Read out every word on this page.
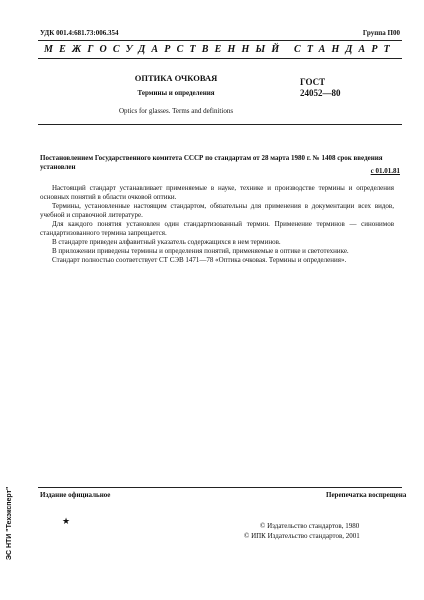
УДК 001.4:681.73:006.354	Группа П00
МЕЖГОСУДАРСТВЕННЫЙ СТАНДАРТ
ОПТИКА ОЧКОВАЯ
Термины и определения
Optics for glasses. Terms and definitions
ГОСТ
24052—80
Постановлением Государственного комитета СССР по стандартам от 28 марта 1980 г. № 1408 срок введения установлен	с 01.01.81

Настоящий стандарт устанавливает применяемые в науке, технике и производстве термины и определения основных понятий в области очковой оптики.

Термины, установленные настоящим стандартом, обязательны для применения в документации всех видов, учебной и справочной литературе.

Для каждого понятия установлен один стандартизованный термин. Применение терминов — синонимов стандартизованного термина запрещается.

В стандарте приведен алфавитный указатель содержащихся в нем терминов.

В приложении приведены термины и определения понятий, применяемые в оптике и светотехнике.

Стандарт полностью соответствует СТ СЭВ 1471—78 «Оптика очковая. Термины и определения».

ЭС НТИ "Техэксперт"	Издание официальное	Перепечатка воспрещена
★	© Издательство стандартов, 1980
© ИПК Издательство стандартов, 2001
